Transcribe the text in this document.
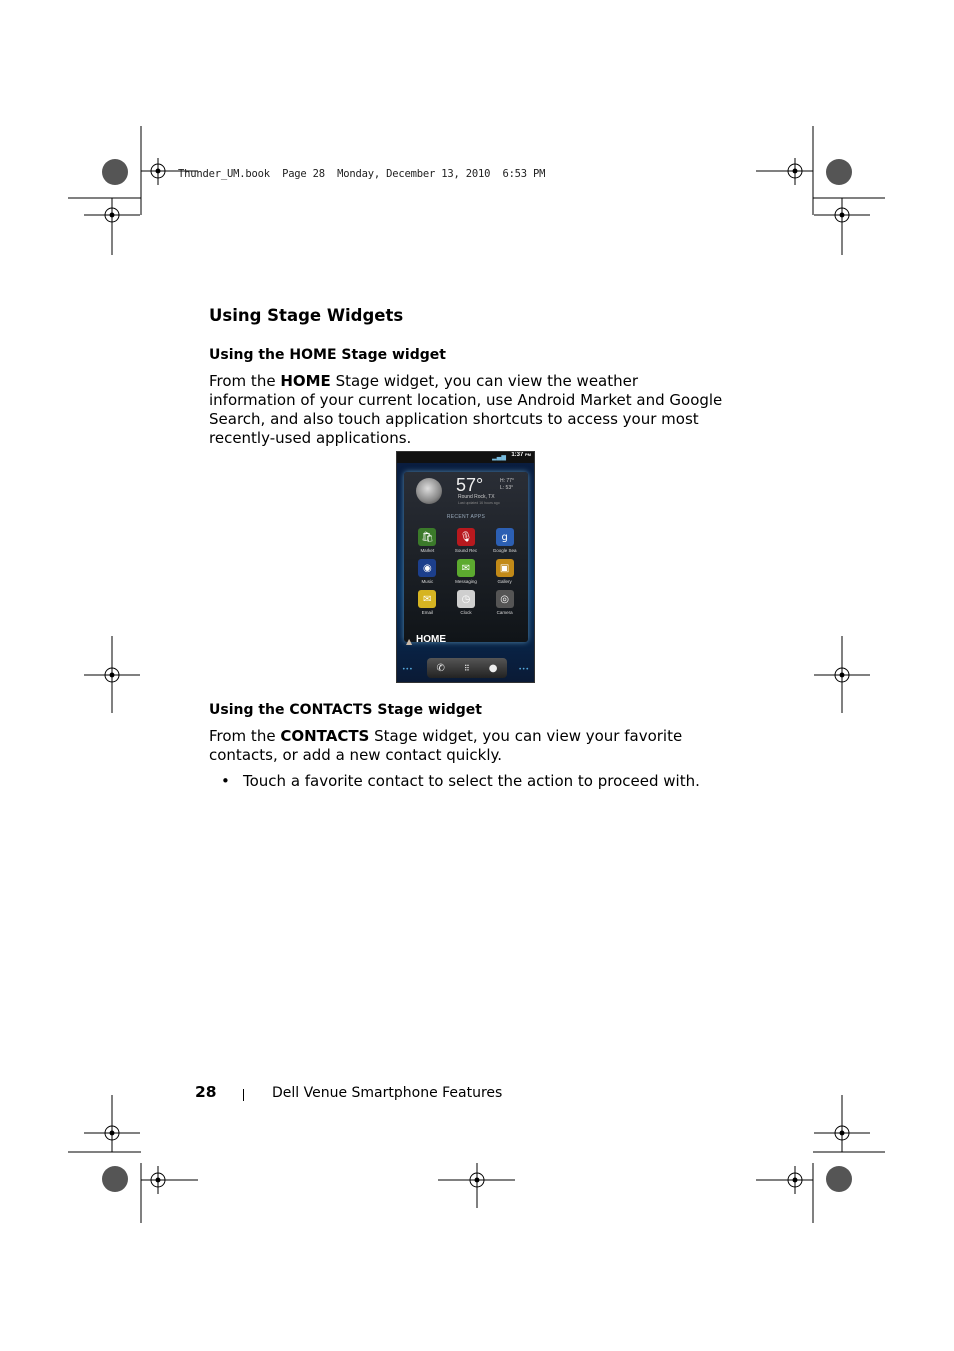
Thunder_UM.book  Page 28  Monday, December 13, 2010  6:53 PM
Using Stage Widgets
Using the HOME Stage widget
From the HOME Stage widget, you can view the weather information of your current location, use Android Market and Google Search, and also touch application shortcuts to access your most recently-used applications.
▂▄▆ 1:37 PM
57°	H: 77°
L: 53°
Round Rock, TX
Last updated 16 hours ago
RECENT APPS
🛍
Market
🎙
Sound Rec
g
Google Sea
◉
Music
✉
Messaging
▣
Gallery
✉
Email
◷
Clock
◎
Camera
▲ HOME
•••	•••
✆ ⠿ ●
Using the CONTACTS Stage widget
From the CONTACTS Stage widget, you can view your favorite contacts, or add a new contact quickly.
• Touch a favorite contact to select the action to proceed with.
28	Dell Venue Smartphone Features
